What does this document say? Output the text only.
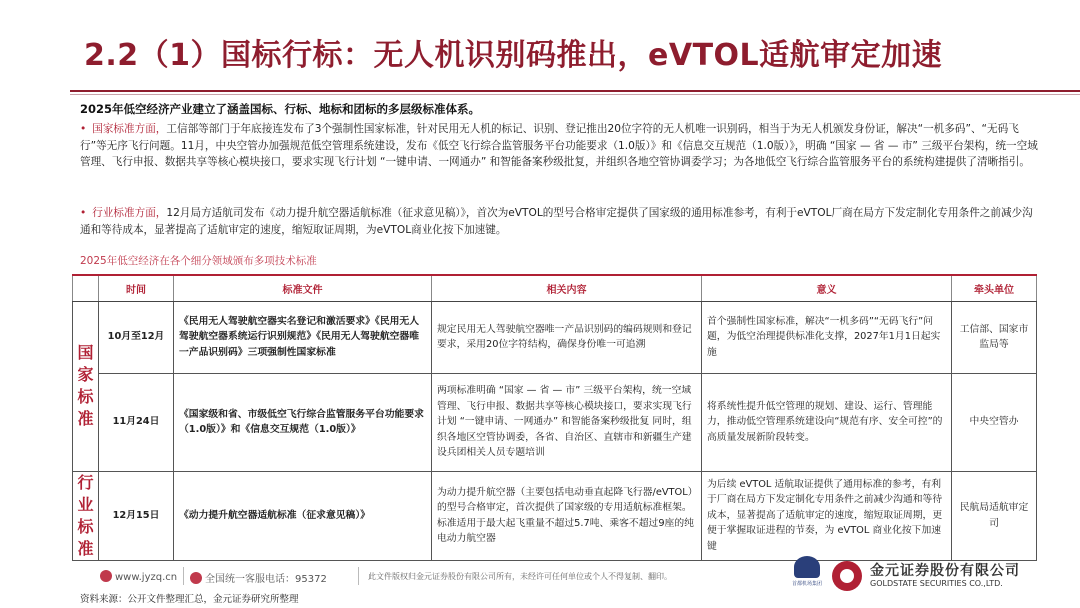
2.2（1）国标行标：无人机识别码推出，eVTOL适航审定加速
2025年低空经济产业建立了涵盖国标、行标、地标和团标的多层级标准体系。
• 国家标准方面，工信部等部门于年底接连发布了3个强制性国家标准，针对民用无人机的标记、识别、登记推出20位字符的无人机唯一识别码，相当于为无人机颁发身份证，解决“一机多码”、“无码飞行”等无序飞行问题。11月，中央空管办加强规范低空管理系统建设，发布《低空飞行综合监管服务平台功能要求（1.0版）》和《信息交互规范（1.0版）》，明确 “国家 — 省 — 市” 三级平台架构，统一空域管理、飞行申报、数据共享等核心模块接口，要求实现飞行计划 “一键申请、一网通办” 和智能备案秒级批复，并组织各地空管协调委学习；为各地低空飞行综合监管服务平台的系统构建提供了清晰指引。
• 行业标准方面，12月局方适航司发布《动力提升航空器适航标准（征求意见稿）》，首次为eVTOL的型号合格审定提供了国家级的通用标准参考，有利于eVTOL厂商在局方下发定制化专用条件之前减少沟通和等待成本，显著提高了适航审定的速度，缩短取证周期，为eVTOL商业化按下加速键。
2025年低空经济在各个细分领域颁布多项技术标准
	时间	标准文件	相关内容	意义	牵头单位
国
家
标
准	10月至12月	《民用无人驾驶航空器实名登记和激活要求》《民用无人驾驶航空器系统运行识别规范》《民用无人驾驶航空器唯一产品识别码》三项强制性国家标准	规定民用无人驾驶航空器唯一产品识别码的编码规则和登记要求，采用20位字符结构，确保身份唯一可追溯	首个强制性国家标准，解决“一机多码”“无码飞行”问题，为低空治理提供标准化支撑，2027年1月1日起实施	工信部、国家市监局等
	11月24日	《国家级和省、市级低空飞行综合监管服务平台功能要求（1.0版）》和《信息交互规范（1.0版）》	两项标准明确 “国家 — 省 — 市” 三级平台架构，统一空域管理、飞行申报、数据共享等核心模块接口，要求实现飞行计划 “一键申请、一网通办” 和智能备案秒级批复 同时，组织各地区空管协调委，各省、自治区、直辖市和新疆生产建设兵团相关人员专题培训	将系统性提升低空管理的规划、建设、运行、管理能力，推动低空管理系统建设向“规范有序、安全可控”的高质量发展新阶段转变。	中央空管办
行
业
标
准	12月15日	《动力提升航空器适航标准（征求意见稿）》	为动力提升航空器（主要包括电动垂直起降飞行器/eVTOL）的型号合格审定，首次提供了国家级的专用适航标准框架。标准适用于最大起飞重量不超过5.7吨、乘客不超过9座的纯电动力航空器	为后续 eVTOL 适航取证提供了通用标准的参考，有利于厂商在局方下发定制化专用条件之前减少沟通和等待成本，显著提高了适航审定的速度，缩短取证周期，更便于掌握取证进程的节奏，为 eVTOL 商业化按下加速键	民航局适航审定司
www.jyzq.cn	全国统一客服电话：95372	此文件版权归金元证券股份有限公司所有，未经许可任何单位或个人不得复制、翻印。
首都机场集团
金元证券股份有限公司
GOLDSTATE SECURITIES CO.,LTD.
资料来源：公开文件整理汇总，金元证券研究所整理
